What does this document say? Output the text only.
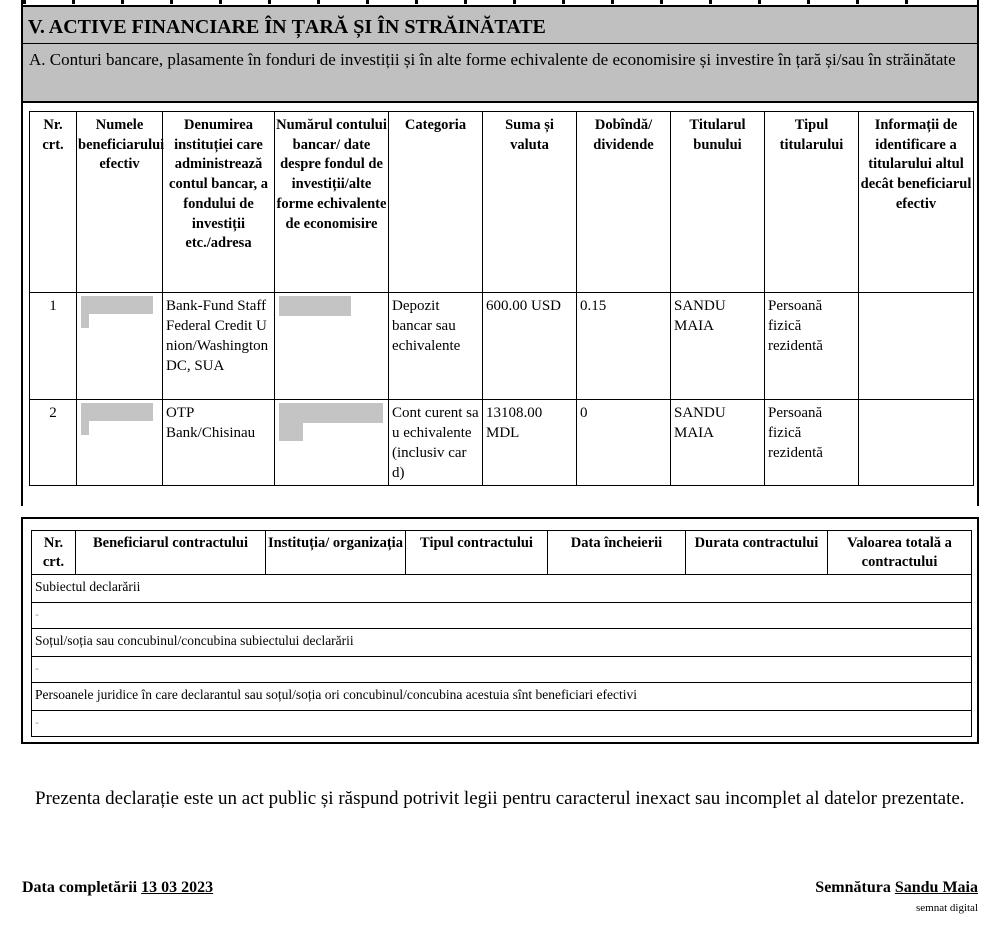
V. ACTIVE FINANCIARE ÎN ȚARĂ ȘI ÎN STRĂINĂTATE
A. Conturi bancare, plasamente în fonduri de investiții și în alte forme echivalente de economisire și investire în țară și/sau în străinătate
Nr. crt.	Numele beneficiarului efectiv	Denumirea instituției care administrează contul bancar, a fondului de investiții etc./adresa	Numărul contului bancar/ date despre fondul de investiții/alte forme echivalente de economisire	Categoria	Suma și valuta	Dobîndă/ dividende	Titularul bunului	Tipul titularului	Informații de identificare a titularului altul decât beneficiarul efectiv
1		Bank-Fund Staff Federal Credit Union/Washington DC, SUA		Depozit bancar sau echivalente	600.00 USD	0.15	SANDU MAIA	Persoană fizică rezidentă	
2		OTP Bank/Chisinau		Cont curent sau echivalente(inclusiv card)	13108.00 MDL	0	SANDU MAIA	Persoană fizică rezidentă	
Nr. crt.	Beneficiarul contractului	Instituția/ organizația	Tipul contractului	Data încheierii	Durata contractului	Valoarea totală a contractului
Subiectul declarării
-
Soțul/soția sau concubinul/concubina subiectului declarării
-
Persoanele juridice în care declarantul sau soțul/soția ori concubinul/concubina acestuia sînt beneficiari efectivi
-
Prezenta declarație este un act public și răspund potrivit legii pentru caracterul inexact sau incomplet al datelor prezentate.
Data completării 13 03 2023	Semnătura Sandu Maia
semnat digital
